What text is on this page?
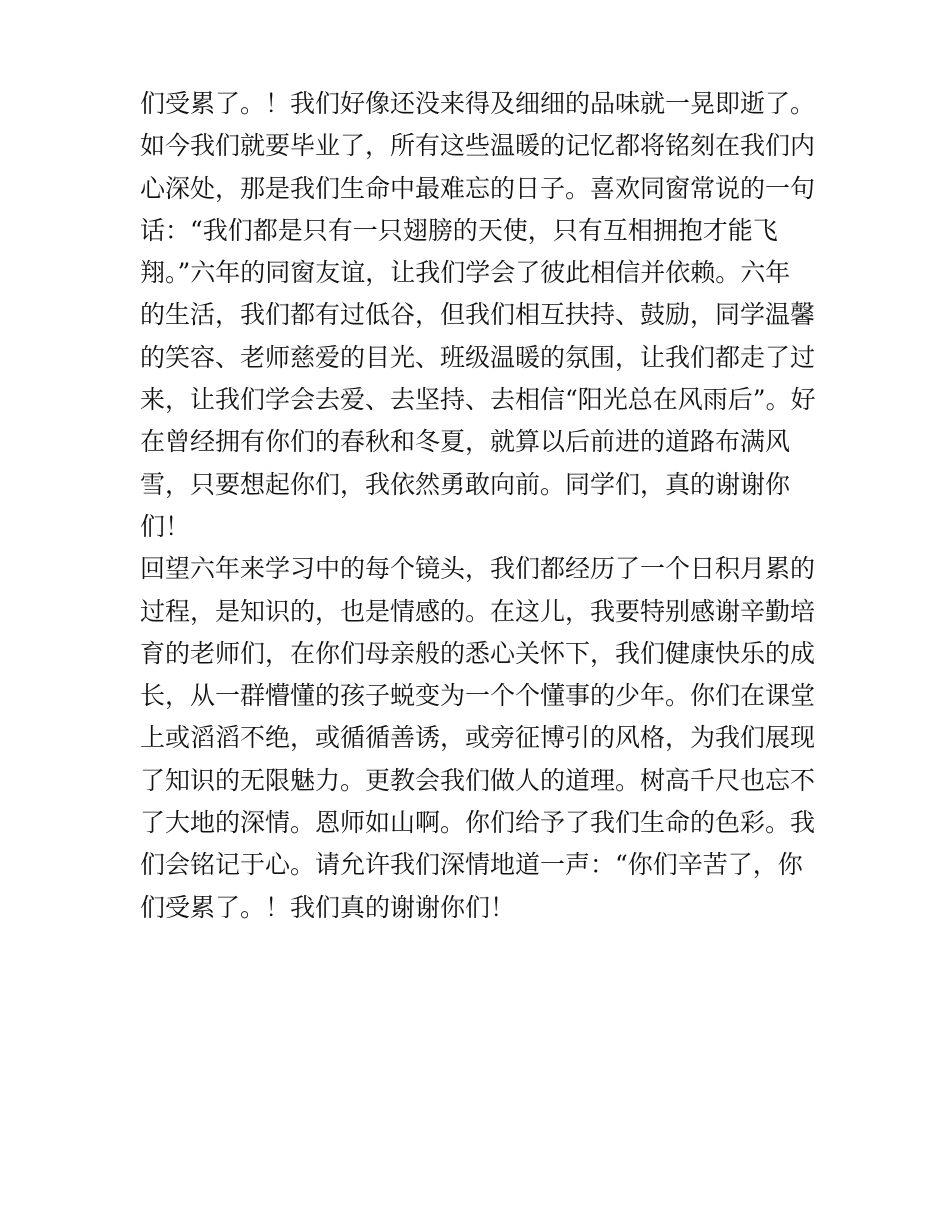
们受累了。！我们好像还没来得及细细的品味就一晃即逝了。
如今我们就要毕业了，所有这些温暖的记忆都将铭刻在我们内
心深处，那是我们生命中最难忘的日子。喜欢同窗常说的一句
话：“我们都是只有一只翅膀的天使，只有互相拥抱才能飞
翔。”六年的同窗友谊，让我们学会了彼此相信并依赖。六年
的生活，我们都有过低谷，但我们相互扶持、鼓励，同学温馨
的笑容、老师慈爱的目光、班级温暖的氛围，让我们都走了过
来，让我们学会去爱、去坚持、去相信“阳光总在风雨后”。好
在曾经拥有你们的春秋和冬夏，就算以后前进的道路布满风
雪，只要想起你们，我依然勇敢向前。同学们，真的谢谢你
们！
回望六年来学习中的每个镜头，我们都经历了一个日积月累的
过程，是知识的，也是情感的。在这儿，我要特别感谢辛勤培
育的老师们，在你们母亲般的悉心关怀下，我们健康快乐的成
长，从一群懵懂的孩子蜕变为一个个懂事的少年。你们在课堂
上或滔滔不绝，或循循善诱，或旁征博引的风格，为我们展现
了知识的无限魅力。更教会我们做人的道理。树高千尺也忘不
了大地的深情。恩师如山啊。你们给予了我们生命的色彩。我
们会铭记于心。请允许我们深情地道一声：“你们辛苦了，你
们受累了。！我们真的谢谢你们！
